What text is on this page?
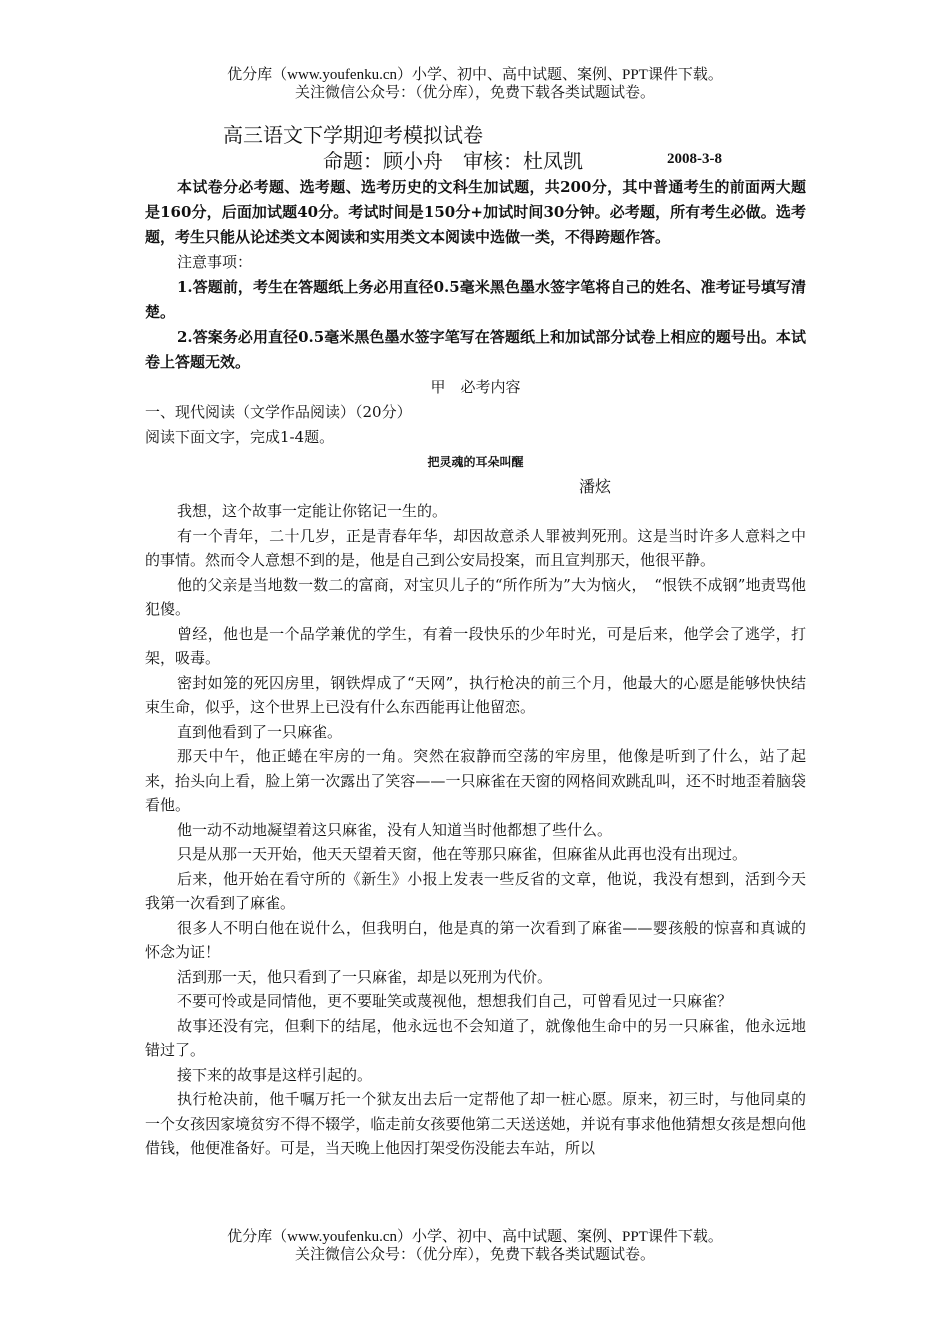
优分库（www.youfenku.cn）小学、初中、高中试题、案例、PPT课件下载。
关注微信公众号：（优分库），免费下载各类试题试卷。
高三语文下学期迎考模拟试卷
命题：顾小舟　审核：杜凤凯	2008-3-8

本试卷分必考题、选考题、选考历史的文科生加试题，共200分，其中普通考生的前面两大题是160分，后面加试题40分。考试时间是150分+加试时间30分钟。必考题，所有考生必做。选考题，考生只能从论述类文本阅读和实用类文本阅读中选做一类，不得跨题作答。

注意事项：

1.答题前，考生在答题纸上务必用直径0.5毫米黑色墨水签字笔将自己的姓名、准考证号填写清楚。

2.答案务必用直径0.5毫米黑色墨水签字笔写在答题纸上和加试部分试卷上相应的题号出。本试卷上答题无效。

甲　必考内容

一、现代阅读（文学作品阅读）（20分）

阅读下面文字，完成1-4题。

把灵魂的耳朵叫醒

潘炫

我想，这个故事一定能让你铭记一生的。

有一个青年，二十几岁，正是青春年华，却因故意杀人罪被判死刑。这是当时许多人意料之中的事情。然而令人意想不到的是，他是自己到公安局投案，而且宣判那天，他很平静。

他的父亲是当地数一数二的富商，对宝贝儿子的“所作所为”大为恼火，　“恨铁不成钢”地责骂他犯傻。

曾经，他也是一个品学兼优的学生，有着一段快乐的少年时光，可是后来，他学会了逃学，打架，吸毒。

密封如笼的死囚房里，钢铁焊成了“天网”，执行枪决的前三个月，他最大的心愿是能够快快结束生命，似乎，这个世界上已没有什么东西能再让他留恋。

直到他看到了一只麻雀。

那天中午，他正蜷在牢房的一角。突然在寂静而空荡的牢房里，他像是听到了什么，站了起来，抬头向上看，脸上第一次露出了笑容——一只麻雀在天窗的网格间欢跳乱叫，还不时地歪着脑袋看他。

他一动不动地凝望着这只麻雀，没有人知道当时他都想了些什么。

只是从那一天开始，他天天望着天窗，他在等那只麻雀，但麻雀从此再也没有出现过。

后来，他开始在看守所的《新生》小报上发表一些反省的文章，他说，我没有想到，活到今天我第一次看到了麻雀。

很多人不明白他在说什么，但我明白，他是真的第一次看到了麻雀——婴孩般的惊喜和真诚的怀念为证！

活到那一天，他只看到了一只麻雀，却是以死刑为代价。

不要可怜或是同情他，更不要耻笑或蔑视他，想想我们自己，可曾看见过一只麻雀？

故事还没有完，但剩下的结尾，他永远也不会知道了，就像他生命中的另一只麻雀，他永远地错过了。

接下来的故事是这样引起的。

执行枪决前，他千嘱万托一个狱友出去后一定帮他了却一桩心愿。原来，初三时，与他同桌的一个女孩因家境贫穷不得不辍学，临走前女孩要他第二天送送她，并说有事求他他猜想女孩是想向他借钱，他便准备好。可是，当天晚上他因打架受伤没能去车站，所以

优分库（www.youfenku.cn）小学、初中、高中试题、案例、PPT课件下载。
关注微信公众号：（优分库），免费下载各类试题试卷。
